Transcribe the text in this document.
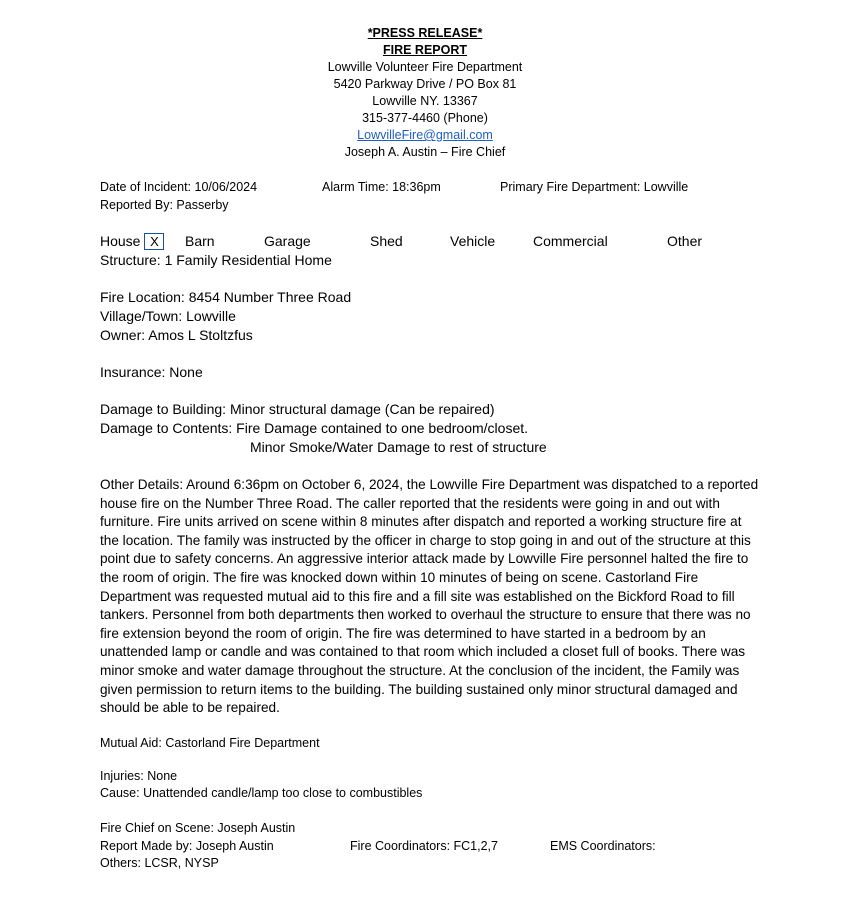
*PRESS RELEASE*
FIRE REPORT
Lowville Volunteer Fire Department
5420 Parkway Drive / PO Box 81
Lowville NY. 13367
315-377-4460 (Phone)
LowvilleFire@gmail.com
Joseph A. Austin – Fire Chief
Date of Incident: 10/06/2024	Alarm Time: 18:36pm	Primary Fire Department: Lowville
Reported By: Passerby
House X	Barn	Garage	Shed	Vehicle	Commercial	Other
Structure: 1 Family Residential Home
Fire Location: 8454 Number Three Road
Village/Town: Lowville
Owner: Amos L Stoltzfus
Insurance: None
Damage to Building: Minor structural damage (Can be repaired)
Damage to Contents: Fire Damage contained to one bedroom/closet.
Minor Smoke/Water Damage to rest of structure
Other Details: Around 6:36pm on October 6, 2024, the Lowville Fire Department was dispatched to a reported house fire on the Number Three Road. The caller reported that the residents were going in and out with furniture. Fire units arrived on scene within 8 minutes after dispatch and reported a working structure fire at the location. The family was instructed by the officer in charge to stop going in and out of the structure at this point due to safety concerns. An aggressive interior attack made by Lowville Fire personnel halted the fire to the room of origin. The fire was knocked down within 10 minutes of being on scene. Castorland Fire Department was requested mutual aid to this fire and a fill site was established on the Bickford Road to fill tankers. Personnel from both departments then worked to overhaul the structure to ensure that there was no fire extension beyond the room of origin. The fire was determined to have started in a bedroom by an unattended lamp or candle and was contained to that room which included a closet full of books. There was minor smoke and water damage throughout the structure. At the conclusion of the incident, the Family was given permission to return items to the building. The building sustained only minor structural damaged and should be able to be repaired.
Mutual Aid: Castorland Fire Department
Injuries: None
Cause: Unattended candle/lamp too close to combustibles
Fire Chief on Scene: Joseph Austin
Report Made by: Joseph Austin	Fire Coordinators: FC1,2,7	EMS Coordinators:
Others: LCSR, NYSP
